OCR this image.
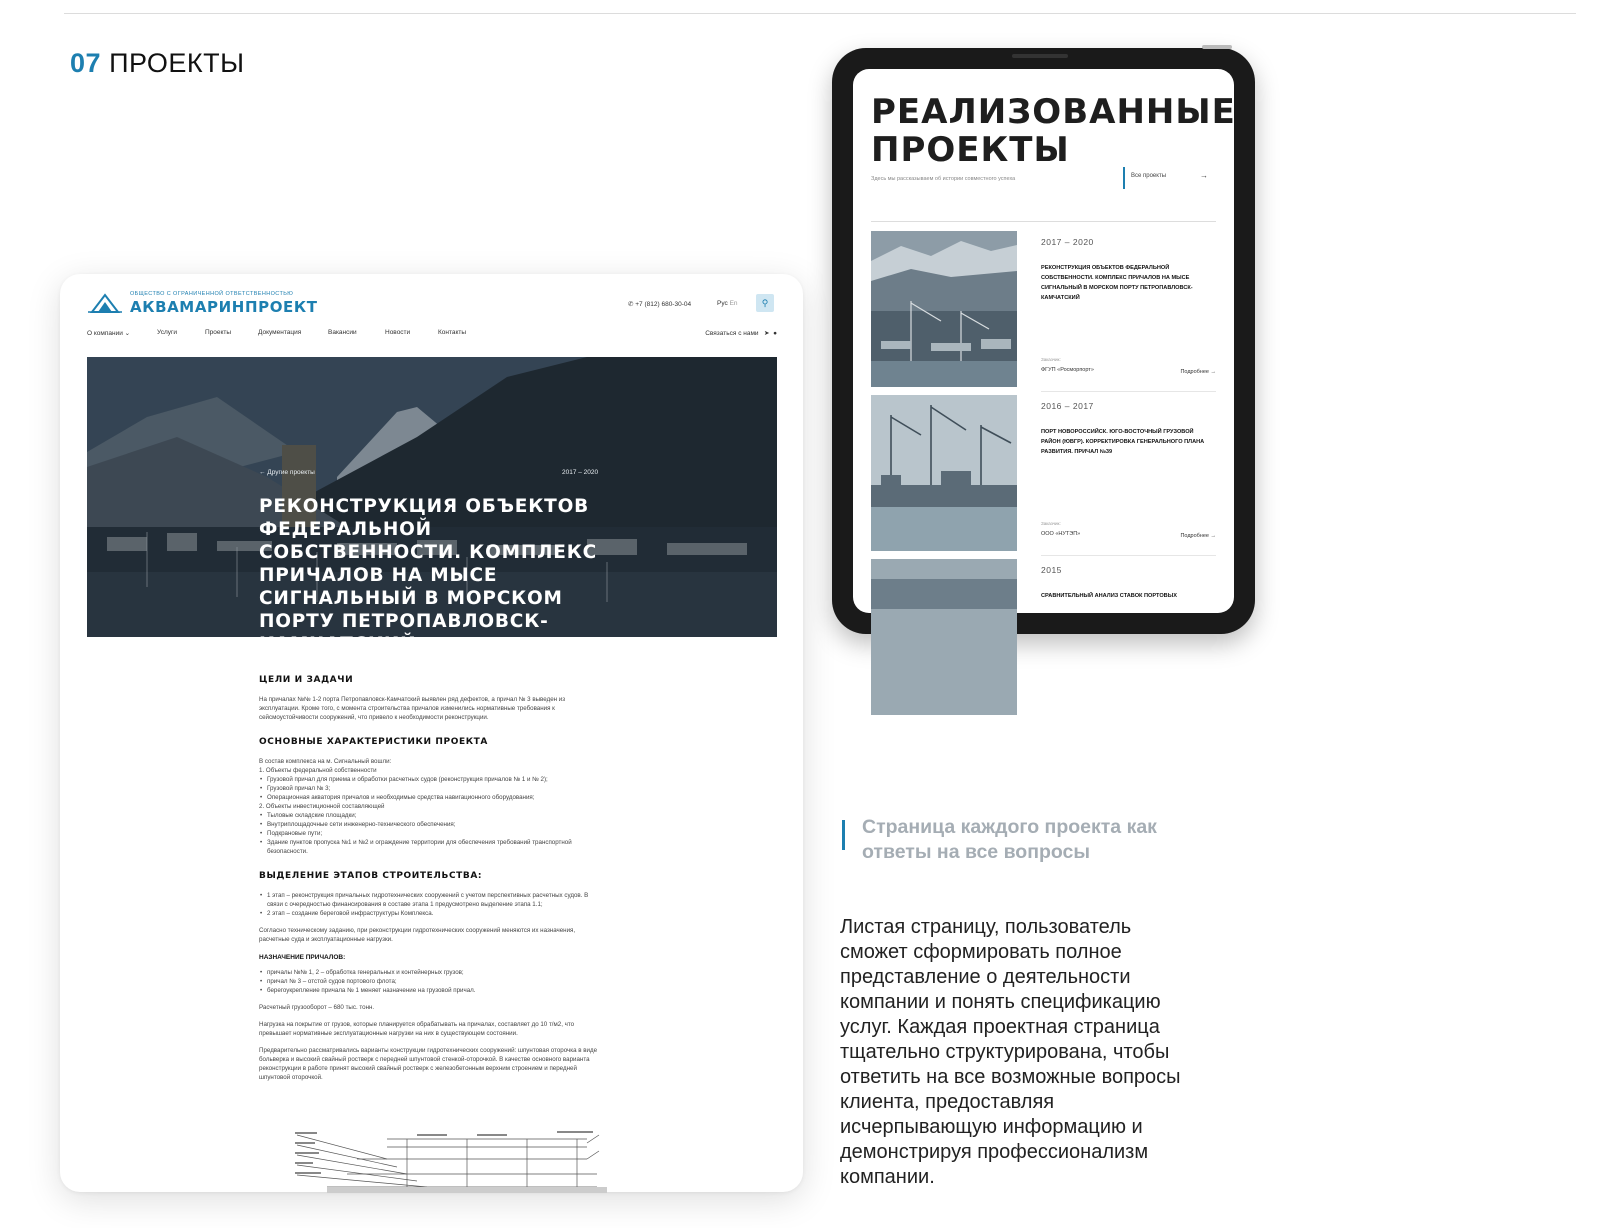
07 ПРОЕКТЫ
ОБЩЕСТВО С ОГРАНИЧЕННОЙ ОТВЕТСТВЕННОСТЬЮ
АКВАМАРИНПРОЕКТ	✆ +7 (812) 680-30-04	Рус En	⚲
О компании ⌄	Услуги	Проекты	Документация	Вакансии	Новости	Контакты	Связаться с нами ➤ ●
← Другие проекты	2017 – 2020
РЕКОНСТРУКЦИЯ ОБЪЕКТОВ ФЕДЕРАЛЬНОЙ СОБСТВЕННОСТИ. КОМПЛЕКС ПРИЧАЛОВ НА МЫСЕ СИГНАЛЬНЫЙ В МОРСКОМ ПОРТУ ПЕТРОПАВЛОВСК-КАМЧАТСКИЙ
ЦЕЛИ И ЗАДАЧИ

На причалах №№ 1-2 порта Петропавловск-Камчатский выявлен ряд дефектов, а причал № 3 выведен из эксплуатации. Кроме того, с момента строительства причалов изменились нормативные требования к сейсмоустойчивости сооружений, что привело к необходимости реконструкции.

ОСНОВНЫЕ ХАРАКТЕРИСТИКИ ПРОЕКТА
В состав комплекса на м. Сигнальный вошли:
1. Объекты федеральной собственности
• Грузовой причал для приема и обработки расчетных судов (реконструкция причалов № 1 и № 2);
• Грузовой причал № 3;
• Операционная акватория причалов и необходимые средства навигационного оборудования;
2. Объекты инвестиционной составляющей
• Тыловые складские площадки;
• Внутриплощадочные сети инженерно-технического обеспечения;
• Подкрановые пути;
• Здание пунктов пропуска №1 и №2 и ограждение территории для обеспечения требований транспортной безопасности.
ВЫДЕЛЕНИЕ ЭТАПОВ СТРОИТЕЛЬСТВА:
• 1 этап – реконструкция причальных гидротехнических сооружений с учетом перспективных расчетных судов. В связи с очередностью финансирования в составе этапа 1 предусмотрено выделение этапа 1.1;
• 2 этап – создание береговой инфраструктуры Комплекса.

Согласно техническому заданию, при реконструкции гидротехнических сооружений меняются их назначения, расчетные суда и эксплуатационные нагрузки.

НАЗНАЧЕНИЕ ПРИЧАЛОВ:
• причалы №№ 1, 2 – обработка генеральных и контейнерных грузов;
• причал № 3 – отстой судов портового флота;
• берегоукрепление причала № 1 меняет назначение на грузовой причал.

Расчетный грузооборот – 680 тыс. тонн.

Нагрузка на покрытие от грузов, которые планируется обрабатывать на причалах, составляет до 10 т/м2, что превышает нормативные эксплуатационные нагрузки на них в существующем состоянии.

Предварительно рассматривались варианты конструкции гидротехнических сооружений: шпунтовая оторочка в виде больверка и высокий свайный ростверк с передней шпунтовой стенкой-оторочкой. В качестве основного варианта реконструкции в работе принят высокий свайный ростверк с железобетонным верхним строением и передней шпунтовой оторочкой.

РЕАЛИЗОВАННЫЕ
ПРОЕКТЫ
Здесь мы рассказываем об истории совместного успеха	Все проекты	→
2017 – 2020
РЕКОНСТРУКЦИЯ ОБЪЕКТОВ ФЕДЕРАЛЬНОЙ СОБСТВЕННОСТИ. КОМПЛЕКС ПРИЧАЛОВ НА МЫСЕ СИГНАЛЬНЫЙ В МОРСКОМ ПОРТУ ПЕТРОПАВЛОВСК-КАМЧАТСКИЙ
Заказчик:
ФГУП «Росморпорт»	Подробнее →
2016 – 2017
ПОРТ НОВОРОССИЙСК. ЮГО-ВОСТОЧНЫЙ ГРУЗОВОЙ РАЙОН (ЮВГР). КОРРЕКТИРОВКА ГЕНЕРАЛЬНОГО ПЛАНА РАЗВИТИЯ. ПРИЧАЛ №39
Заказчик:
ООО «НУТЭП»	Подробнее →
2015
СРАВНИТЕЛЬНЫЙ АНАЛИЗ СТАВОК ПОРТОВЫХ
Страница каждого проекта как ответы на все вопросы
Листая страницу, пользователь сможет сформировать полное представление о деятельности компании и понять спецификацию услуг. Каждая проектная страница тщательно структурирована, чтобы ответить на все возможные вопросы клиента, предоставляя исчерпывающую информацию и демонстрируя профессионализм компании.
